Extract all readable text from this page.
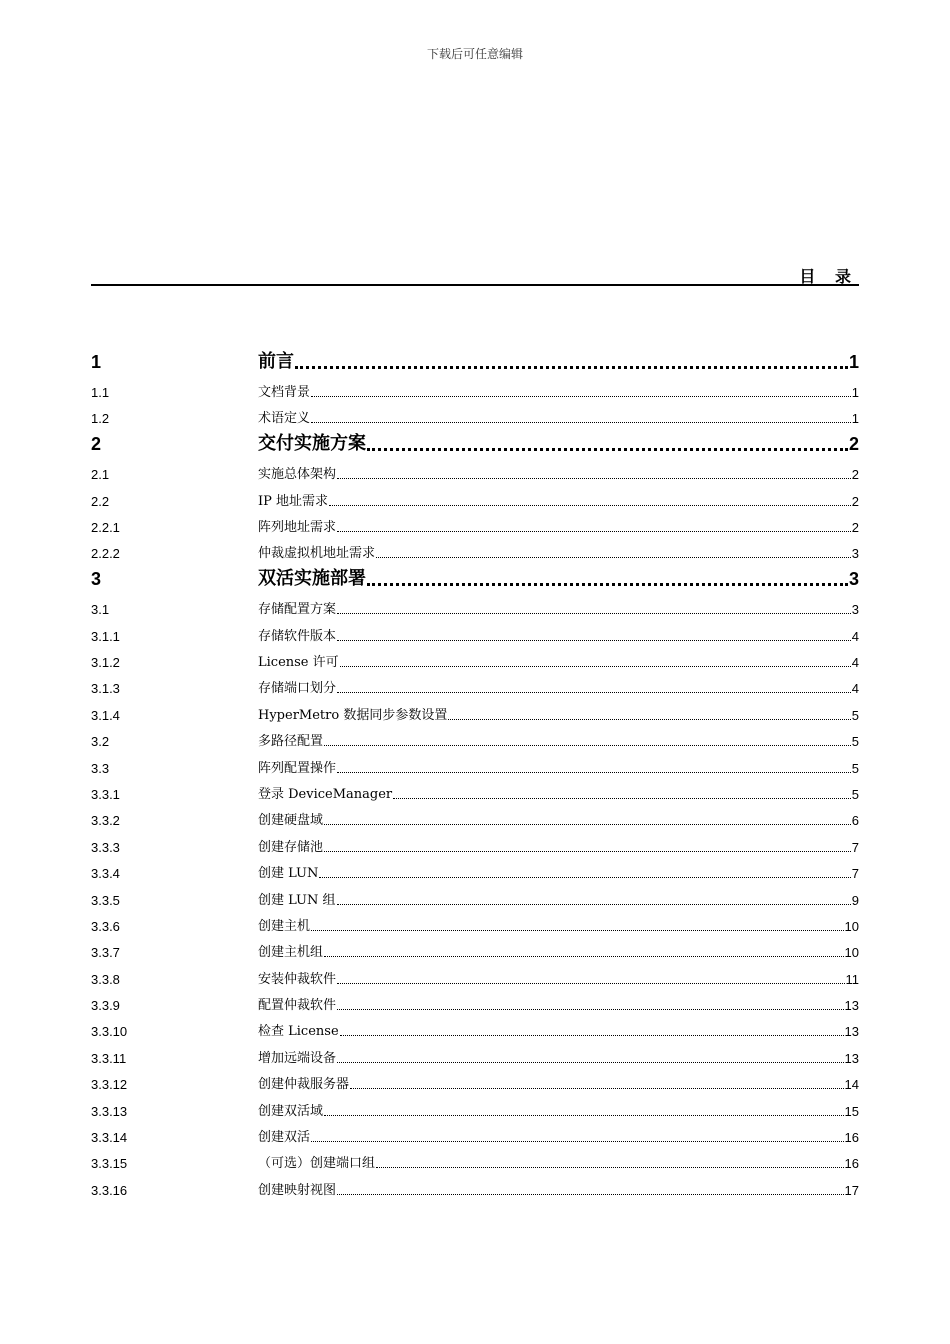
下载后可任意编辑
目 录
1	前言	1
1.1	文档背景	1
1.2	术语定义	1
2	交付实施方案	2
2.1	实施总体架构	2
2.2	IP 地址需求	2
2.2.1	阵列地址需求	2
2.2.2	仲裁虚拟机地址需求	3
3	双活实施部署	3
3.1	存储配置方案	3
3.1.1	存储软件版本	4
3.1.2	License 许可	4
3.1.3	存储端口划分	4
3.1.4	HyperMetro 数据同步参数设置	5
3.2	多路径配置	5
3.3	阵列配置操作	5
3.3.1	登录 DeviceManager	5
3.3.2	创建硬盘域	6
3.3.3	创建存储池	7
3.3.4	创建 LUN	7
3.3.5	创建 LUN 组	9
3.3.6	创建主机	10
3.3.7	创建主机组	10
3.3.8	安装仲裁软件	11
3.3.9	配置仲裁软件	13
3.3.10	检查 License	13
3.3.11	增加远端设备	13
3.3.12	创建仲裁服务器	14
3.3.13	创建双活域	15
3.3.14	创建双活	16
3.3.15	（可选）创建端口组	16
3.3.16	创建映射视图	17
